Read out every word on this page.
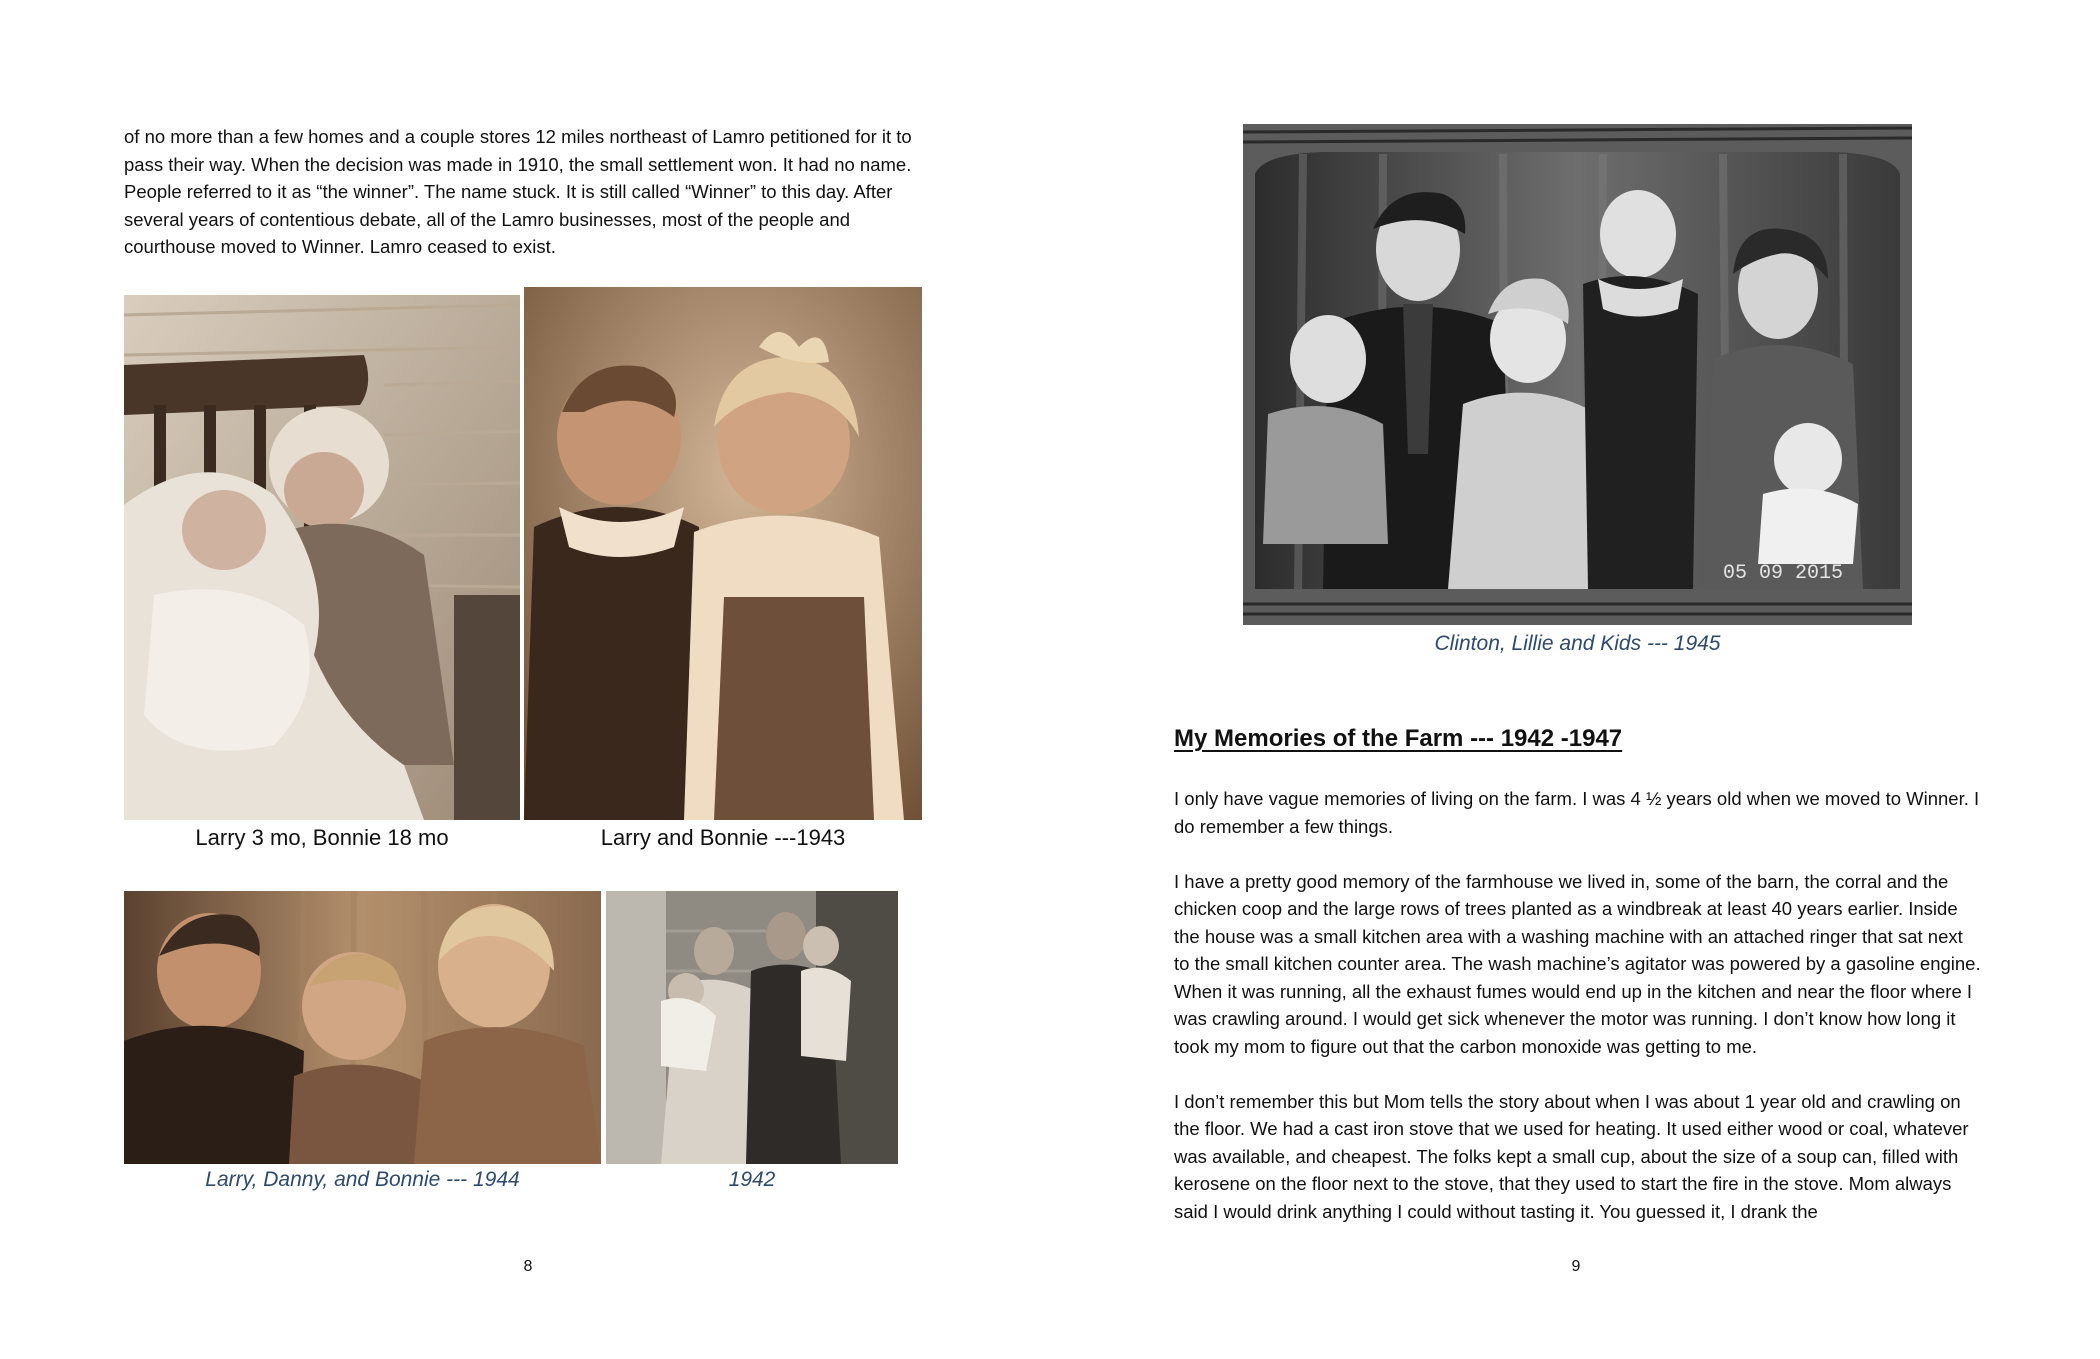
of no more than a few homes and a couple stores 12 miles northeast of Lamro petitioned for it to pass their way. When the decision was made in 1910, the small settlement won. It had no name. People referred to it as “the winner”. The name stuck. It is still called “Winner” to this day. After several years of contentious debate, all of the Lamro businesses, most of the people and courthouse moved to Winner. Lamro ceased to exist.

Larry 3 mo, Bonnie 18 mo	Larry and Bonnie ---1943
Larry, Danny, and Bonnie --- 1944	1942
8
05 09 2015
Clinton, Lillie and Kids --- 1945
My Memories of the Farm --- 1942 -1947

I only have vague memories of living on the farm. I was 4 ½ years old when we moved to Winner. I do remember a few things.

I have a pretty good memory of the farmhouse we lived in, some of the barn, the corral and the chicken coop and the large rows of trees planted as a windbreak at least 40 years earlier. Inside the house was a small kitchen area with a washing machine with an attached ringer that sat next to the small kitchen counter area. The wash machine’s agitator was powered by a gasoline engine. When it was running, all the exhaust fumes would end up in the kitchen and near the floor where I was crawling around. I would get sick whenever the motor was running. I don’t know how long it took my mom to figure out that the carbon monoxide was getting to me.

I don’t remember this but Mom tells the story about when I was about 1 year old and crawling on the floor. We had a cast iron stove that we used for heating. It used either wood or coal, whatever was available, and cheapest. The folks kept a small cup, about the size of a soup can, filled with kerosene on the floor next to the stove, that they used to start the fire in the stove. Mom always said I would drink anything I could without tasting it. You guessed it, I drank the

9
